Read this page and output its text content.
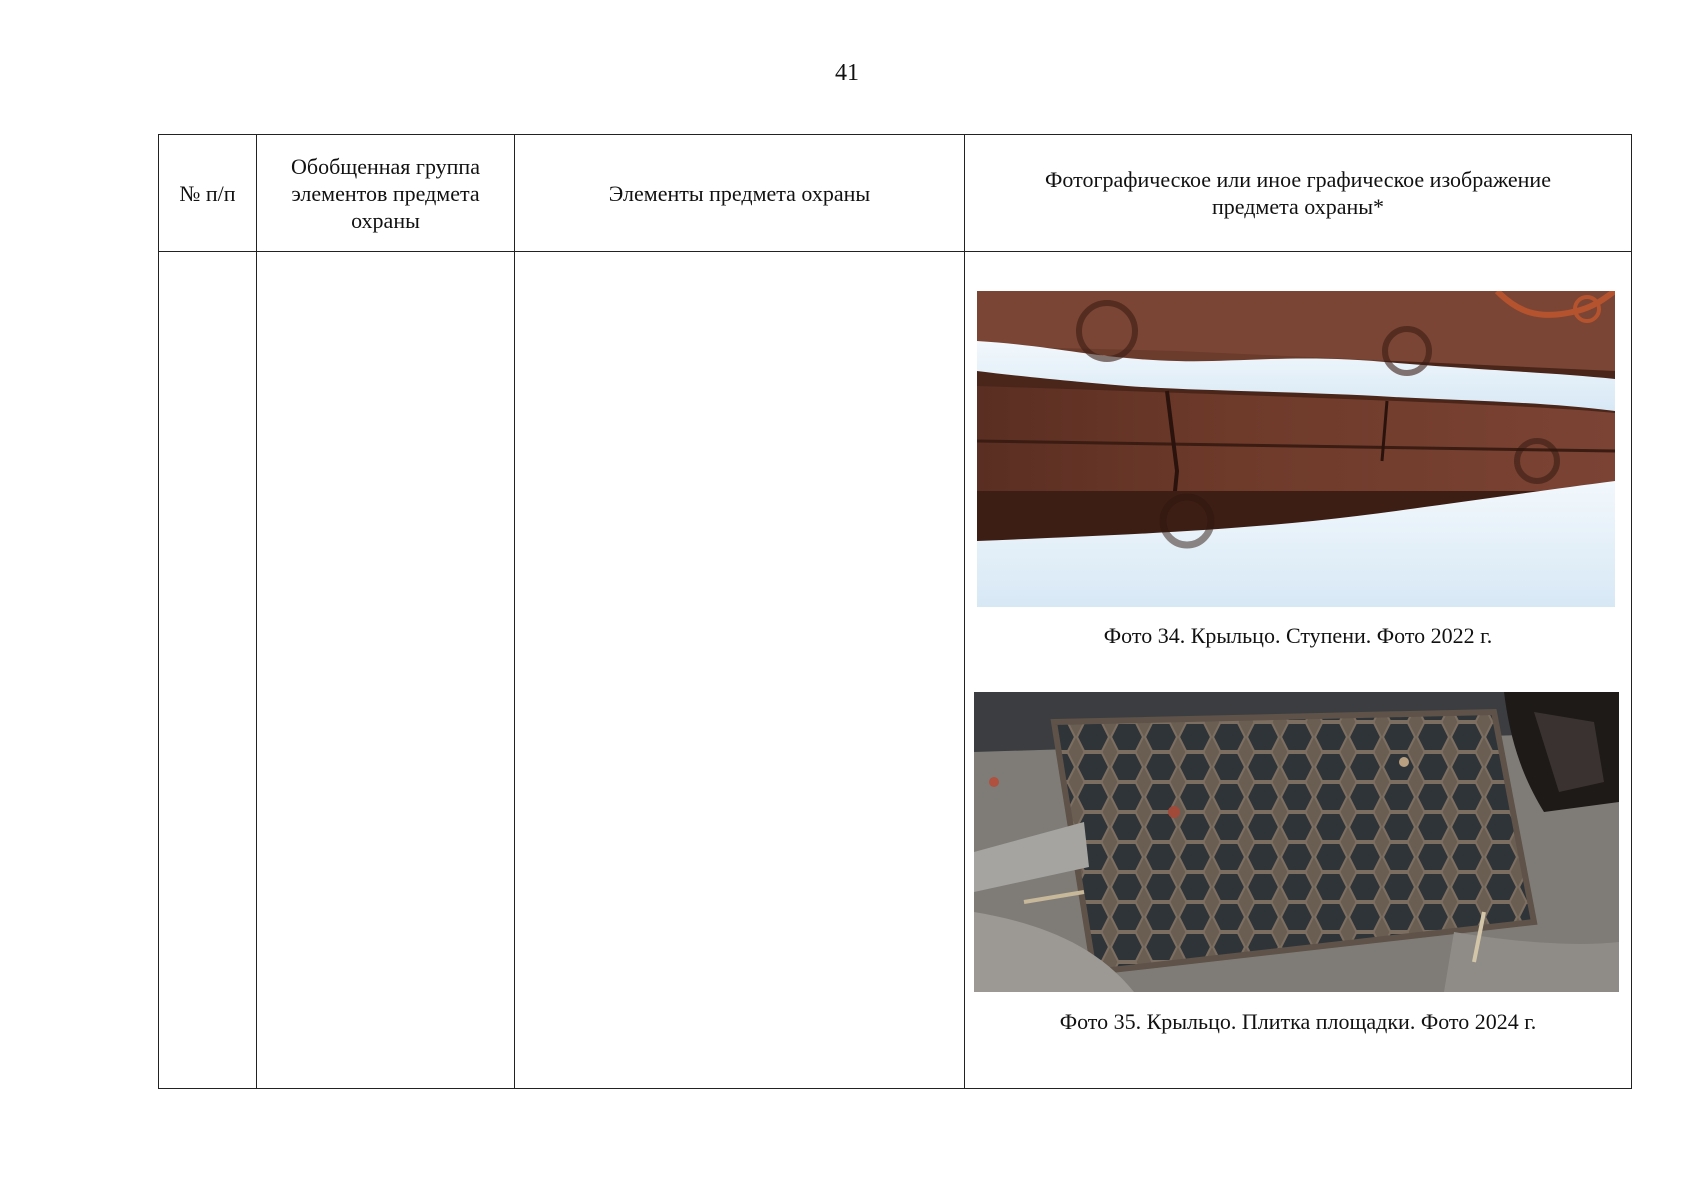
41
№ п/п	Обобщенная группа элементов предмета охраны	Элементы предмета охраны	Фотографическое или иное графическое изображение предмета охраны*

			Фото 34. Крыльцо. Ступени. Фото 2022 г.
Фото 35. Крыльцо. Плитка площадки. Фото 2024 г.
